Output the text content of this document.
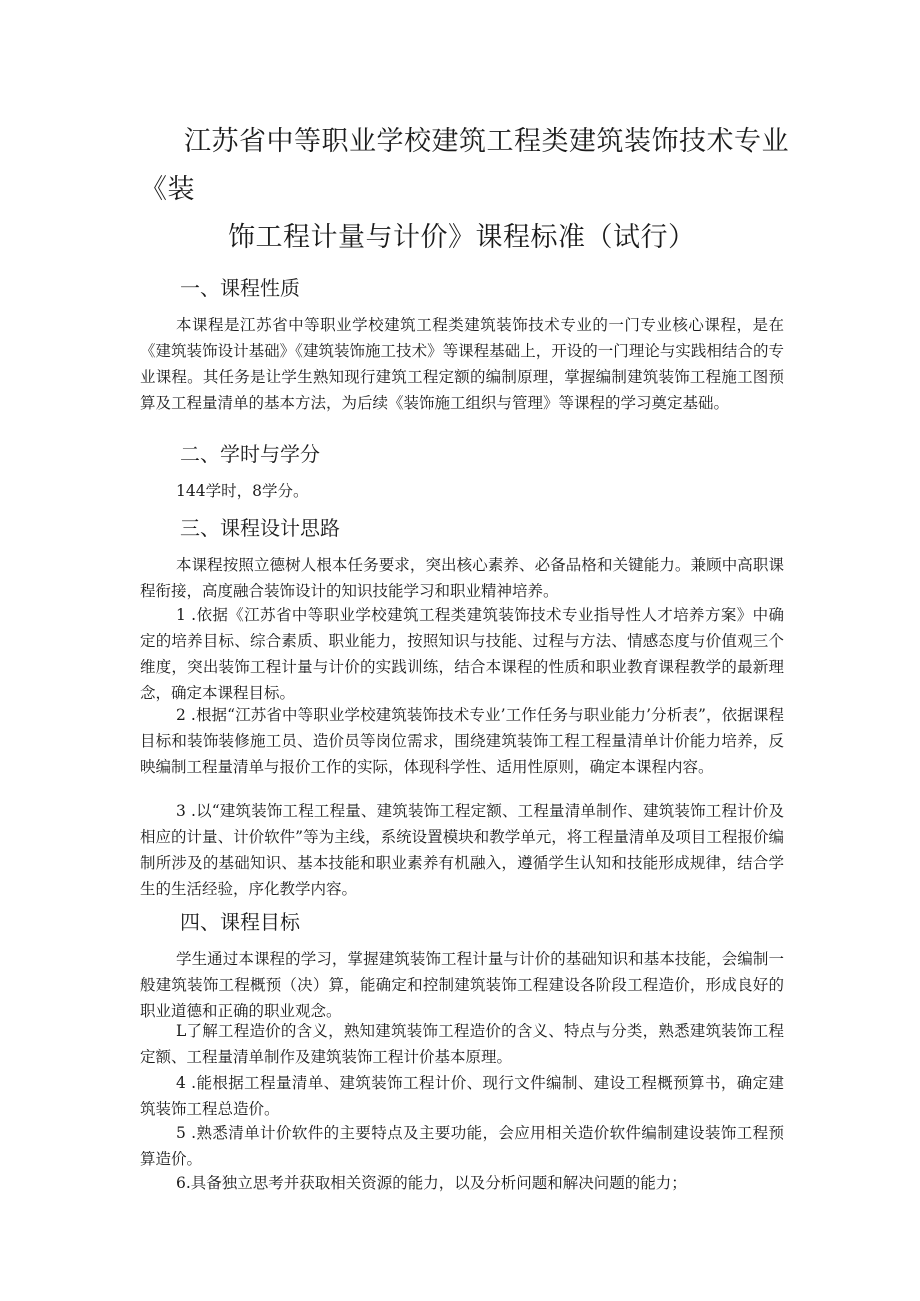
江苏省中等职业学校建筑工程类建筑装饰技术专业《装
饰工程计量与计价》课程标准（试行）
一、课程性质
本课程是江苏省中等职业学校建筑工程类建筑装饰技术专业的一门专业核心课程，是在《建筑装饰设计基础》《建筑装饰施工技术》等课程基础上，开设的一门理论与实践相结合的专业课程。其任务是让学生熟知现行建筑工程定额的编制原理，掌握编制建筑装饰工程施工图预算及工程量清单的基本方法，为后续《装饰施工组织与管理》等课程的学习奠定基础。
二、学时与学分
144学时，8学分。
三、课程设计思路
本课程按照立德树人根本任务要求，突出核心素养、必备品格和关键能力。兼顾中高职课程衔接，高度融合装饰设计的知识技能学习和职业精神培养。
1 .依据《江苏省中等职业学校建筑工程类建筑装饰技术专业指导性人才培养方案》中确定的培养目标、综合素质、职业能力，按照知识与技能、过程与方法、情感态度与价值观三个维度，突出装饰工程计量与计价的实践训练，结合本课程的性质和职业教育课程教学的最新理念，确定本课程目标。
2 .根据“江苏省中等职业学校建筑装饰技术专业’工作任务与职业能力’分析表”，依据课程目标和装饰装修施工员、造价员等岗位需求，围绕建筑装饰工程工程量清单计价能力培养，反映编制工程量清单与报价工作的实际，体现科学性、适用性原则，确定本课程内容。
3 .以“建筑装饰工程工程量、建筑装饰工程定额、工程量清单制作、建筑装饰工程计价及相应的计量、计价软件”等为主线，系统设置模块和教学单元，将工程量清单及项目工程报价编制所涉及的基础知识、基本技能和职业素养有机融入，遵循学生认知和技能形成规律，结合学生的生活经验，序化教学内容。
四、课程目标
学生通过本课程的学习，掌握建筑装饰工程计量与计价的基础知识和基本技能，会编制一般建筑装饰工程概预（决）算，能确定和控制建筑装饰工程建设各阶段工程造价，形成良好的职业道德和正确的职业观念。
L了解工程造价的含义，熟知建筑装饰工程造价的含义、特点与分类，熟悉建筑装饰工程定额、工程量清单制作及建筑装饰工程计价基本原理。
4 .能根据工程量清单、建筑装饰工程计价、现行文件编制、建设工程概预算书，确定建筑装饰工程总造价。
5 .熟悉清单计价软件的主要特点及主要功能，会应用相关造价软件编制建设装饰工程预算造价。
6.具备独立思考并获取相关资源的能力，以及分析问题和解决问题的能力；
